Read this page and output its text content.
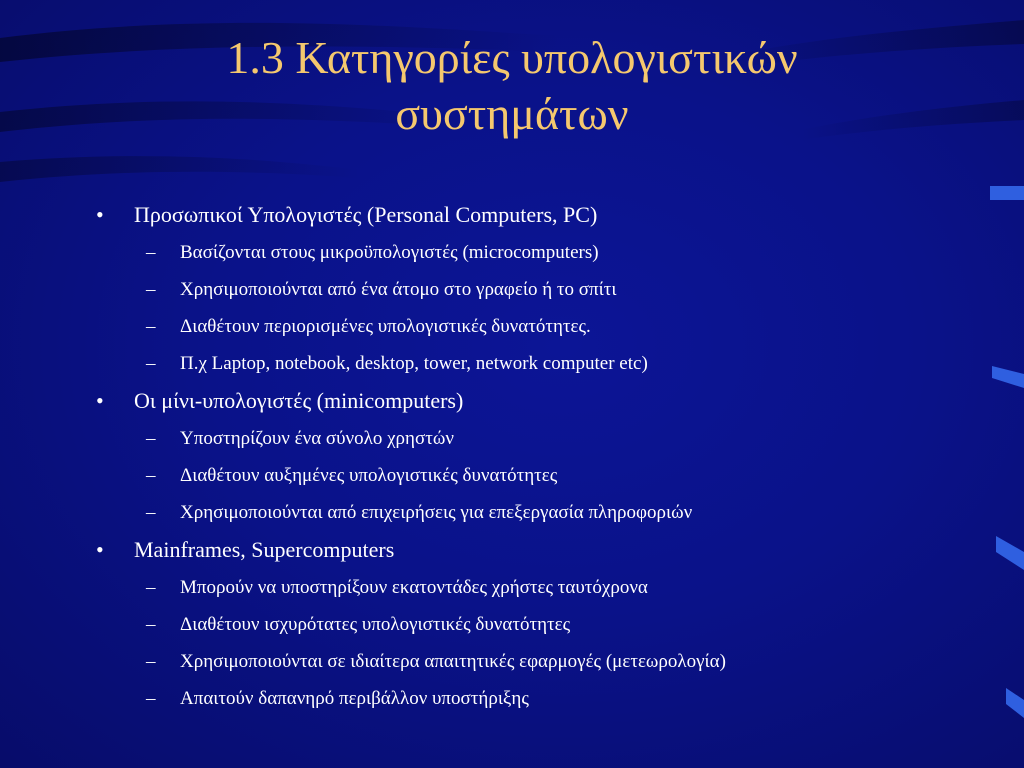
1.3 Κατηγορίες υπολογιστικών
συστημάτων
• Προσωπικοί Υπολογιστές (Personal Computers, PC)
– Βασίζονται στους μικροϋπολογιστές (microcomputers)
– Χρησιμοποιούνται από ένα άτομο στο γραφείο ή το σπίτι
– Διαθέτουν περιορισμένες υπολογιστικές δυνατότητες.
– Π.χ Laptop, notebook, desktop, tower, network computer etc)
• Οι μίνι-υπολογιστές (minicomputers)
– Υποστηρίζουν ένα σύνολο χρηστών
– Διαθέτουν αυξημένες υπολογιστικές δυνατότητες
– Χρησιμοποιούνται από επιχειρήσεις για επεξεργασία πληροφοριών
• Mainframes, Supercomputers
– Μπορούν να υποστηρίξουν εκατοντάδες χρήστες ταυτόχρονα
– Διαθέτουν ισχυρότατες υπολογιστικές δυνατότητες
– Χρησιμοποιούνται σε ιδιαίτερα απαιτητικές εφαρμογές (μετεωρολογία)
– Απαιτούν δαπανηρό περιβάλλον υποστήριξης
